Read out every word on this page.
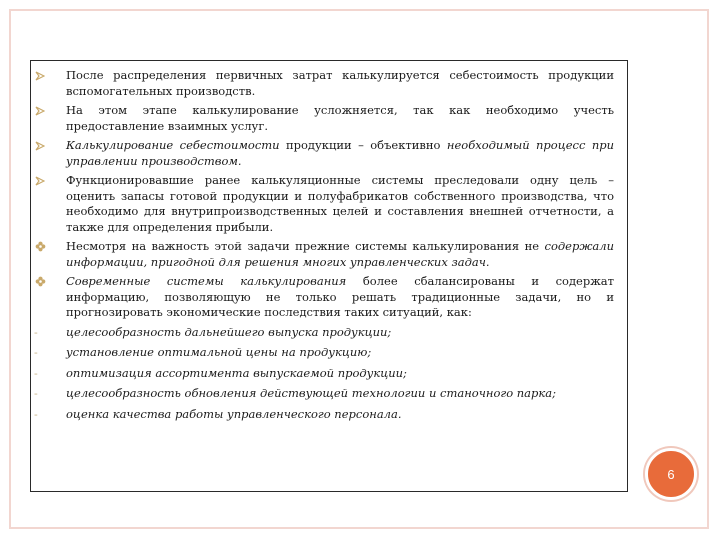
После распределения первичных затрат калькулируется себестоимость продукции вспомогательных производств.
На этом этапе калькулирование усложняется, так как необходимо учесть предоставление взаимных услуг.
Калькулирование себестоимости продукции – объективно необходимый процесс при управлении производством.
Функционировавшие ранее калькуляционные системы преследовали одну цель – оценить запасы готовой продукции и полуфабрикатов собственного производства, что необходимо для внутрипроизводственных целей и составления внешней отчетности, а также для определения прибыли.
Несмотря на важность этой задачи прежние системы калькулирования не содержали информации, пригодной для решения многих управленческих задач.
Современные системы калькулирования более сбалансированы и содержат информацию, позволяющую не только решать традиционные задачи, но и прогнозировать экономические последствия таких ситуаций, как:
- целесообразность дальнейшего выпуска продукции;
- установление оптимальной цены на продукцию;
- оптимизация ассортимента выпускаемой продукции;
- целесообразность обновления действующей технологии и станочного парка;
- оценка качества работы управленческого персонала.
6
